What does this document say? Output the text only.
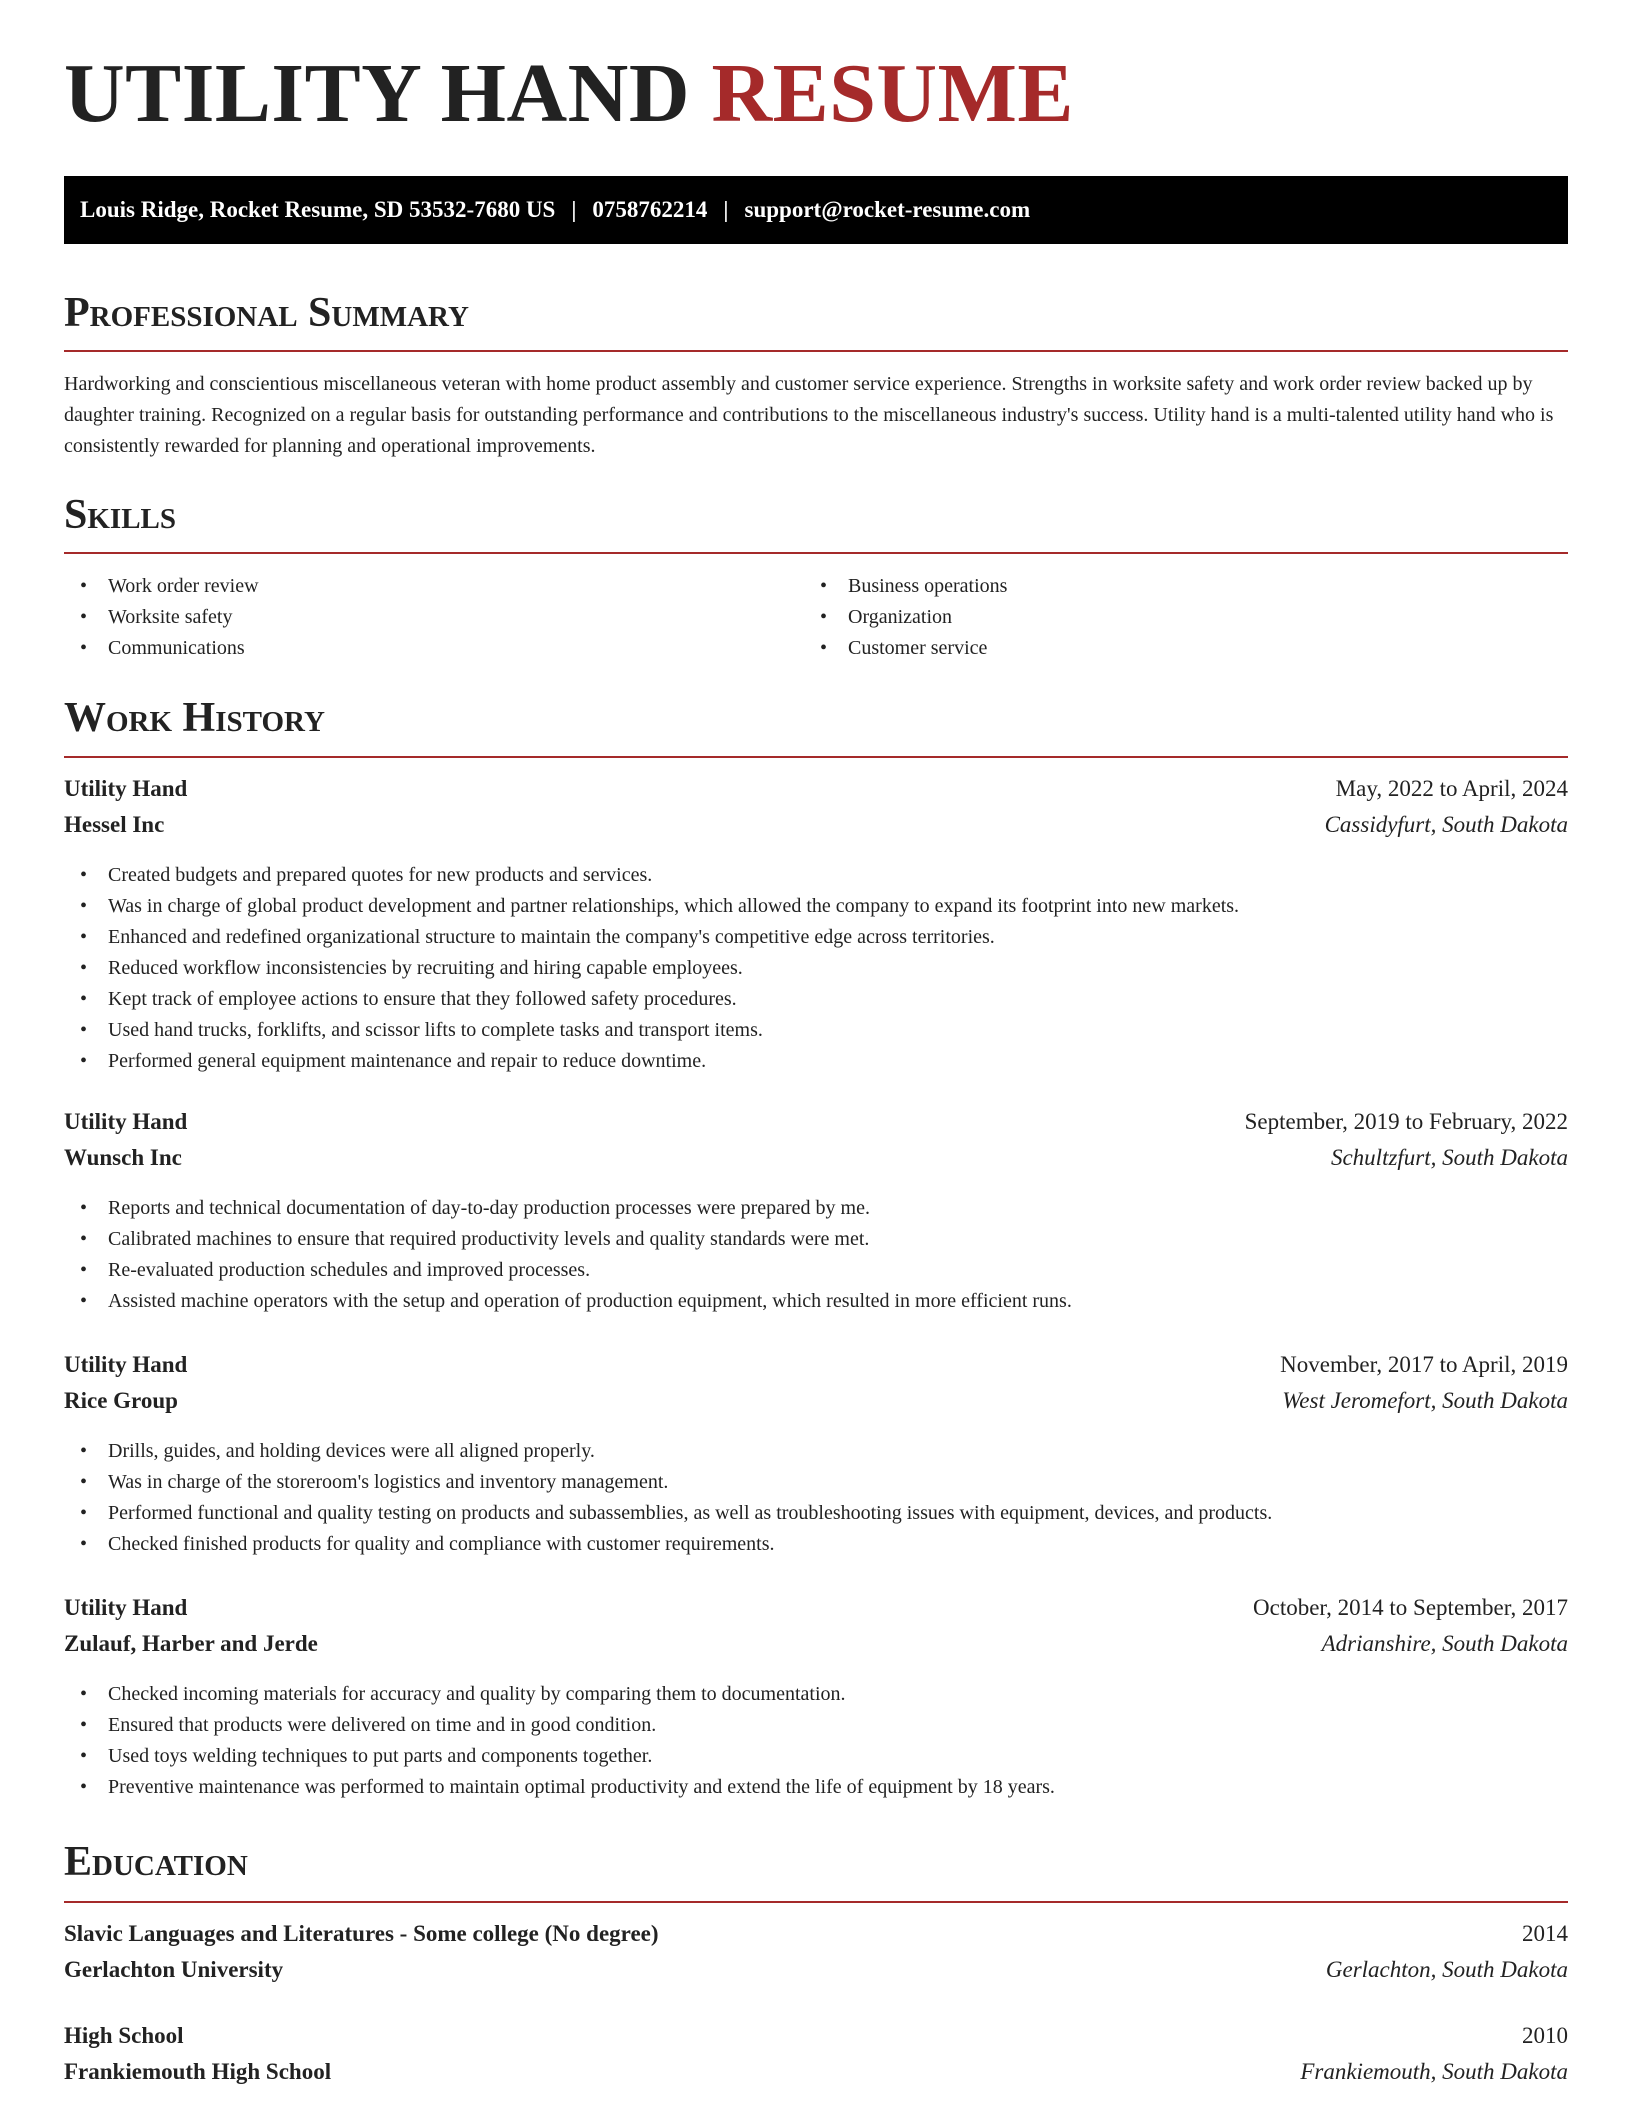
UTILITY HAND RESUME
Louis Ridge, Rocket Resume, SD 53532-7680 US | 0758762214 | support@rocket-resume.com
Professional Summary
Hardworking and conscientious miscellaneous veteran with home product assembly and customer service experience. Strengths in worksite safety and work order review backed up by daughter training. Recognized on a regular basis for outstanding performance and contributions to the miscellaneous industry's success. Utility hand is a multi-talented utility hand who is consistently rewarded for planning and operational improvements.
Skills
• Work order review
• Worksite safety
• Communications
• Business operations
• Organization
• Customer service
Work History
Utility Hand	May, 2022 to April, 2024
Hessel Inc	Cassidyfurt, South Dakota
• Created budgets and prepared quotes for new products and services.
• Was in charge of global product development and partner relationships, which allowed the company to expand its footprint into new markets.
• Enhanced and redefined organizational structure to maintain the company's competitive edge across territories.
• Reduced workflow inconsistencies by recruiting and hiring capable employees.
• Kept track of employee actions to ensure that they followed safety procedures.
• Used hand trucks, forklifts, and scissor lifts to complete tasks and transport items.
• Performed general equipment maintenance and repair to reduce downtime.
Utility Hand	September, 2019 to February, 2022
Wunsch Inc	Schultzfurt, South Dakota
• Reports and technical documentation of day-to-day production processes were prepared by me.
• Calibrated machines to ensure that required productivity levels and quality standards were met.
• Re-evaluated production schedules and improved processes.
• Assisted machine operators with the setup and operation of production equipment, which resulted in more efficient runs.
Utility Hand	November, 2017 to April, 2019
Rice Group	West Jeromefort, South Dakota
• Drills, guides, and holding devices were all aligned properly.
• Was in charge of the storeroom's logistics and inventory management.
• Performed functional and quality testing on products and subassemblies, as well as troubleshooting issues with equipment, devices, and products.
• Checked finished products for quality and compliance with customer requirements.
Utility Hand	October, 2014 to September, 2017
Zulauf, Harber and Jerde	Adrianshire, South Dakota
• Checked incoming materials for accuracy and quality by comparing them to documentation.
• Ensured that products were delivered on time and in good condition.
• Used toys welding techniques to put parts and components together.
• Preventive maintenance was performed to maintain optimal productivity and extend the life of equipment by 18 years.
Education
Slavic Languages and Literatures - Some college (No degree)	2014
Gerlachton University	Gerlachton, South Dakota
High School	2010
Frankiemouth High School	Frankiemouth, South Dakota
